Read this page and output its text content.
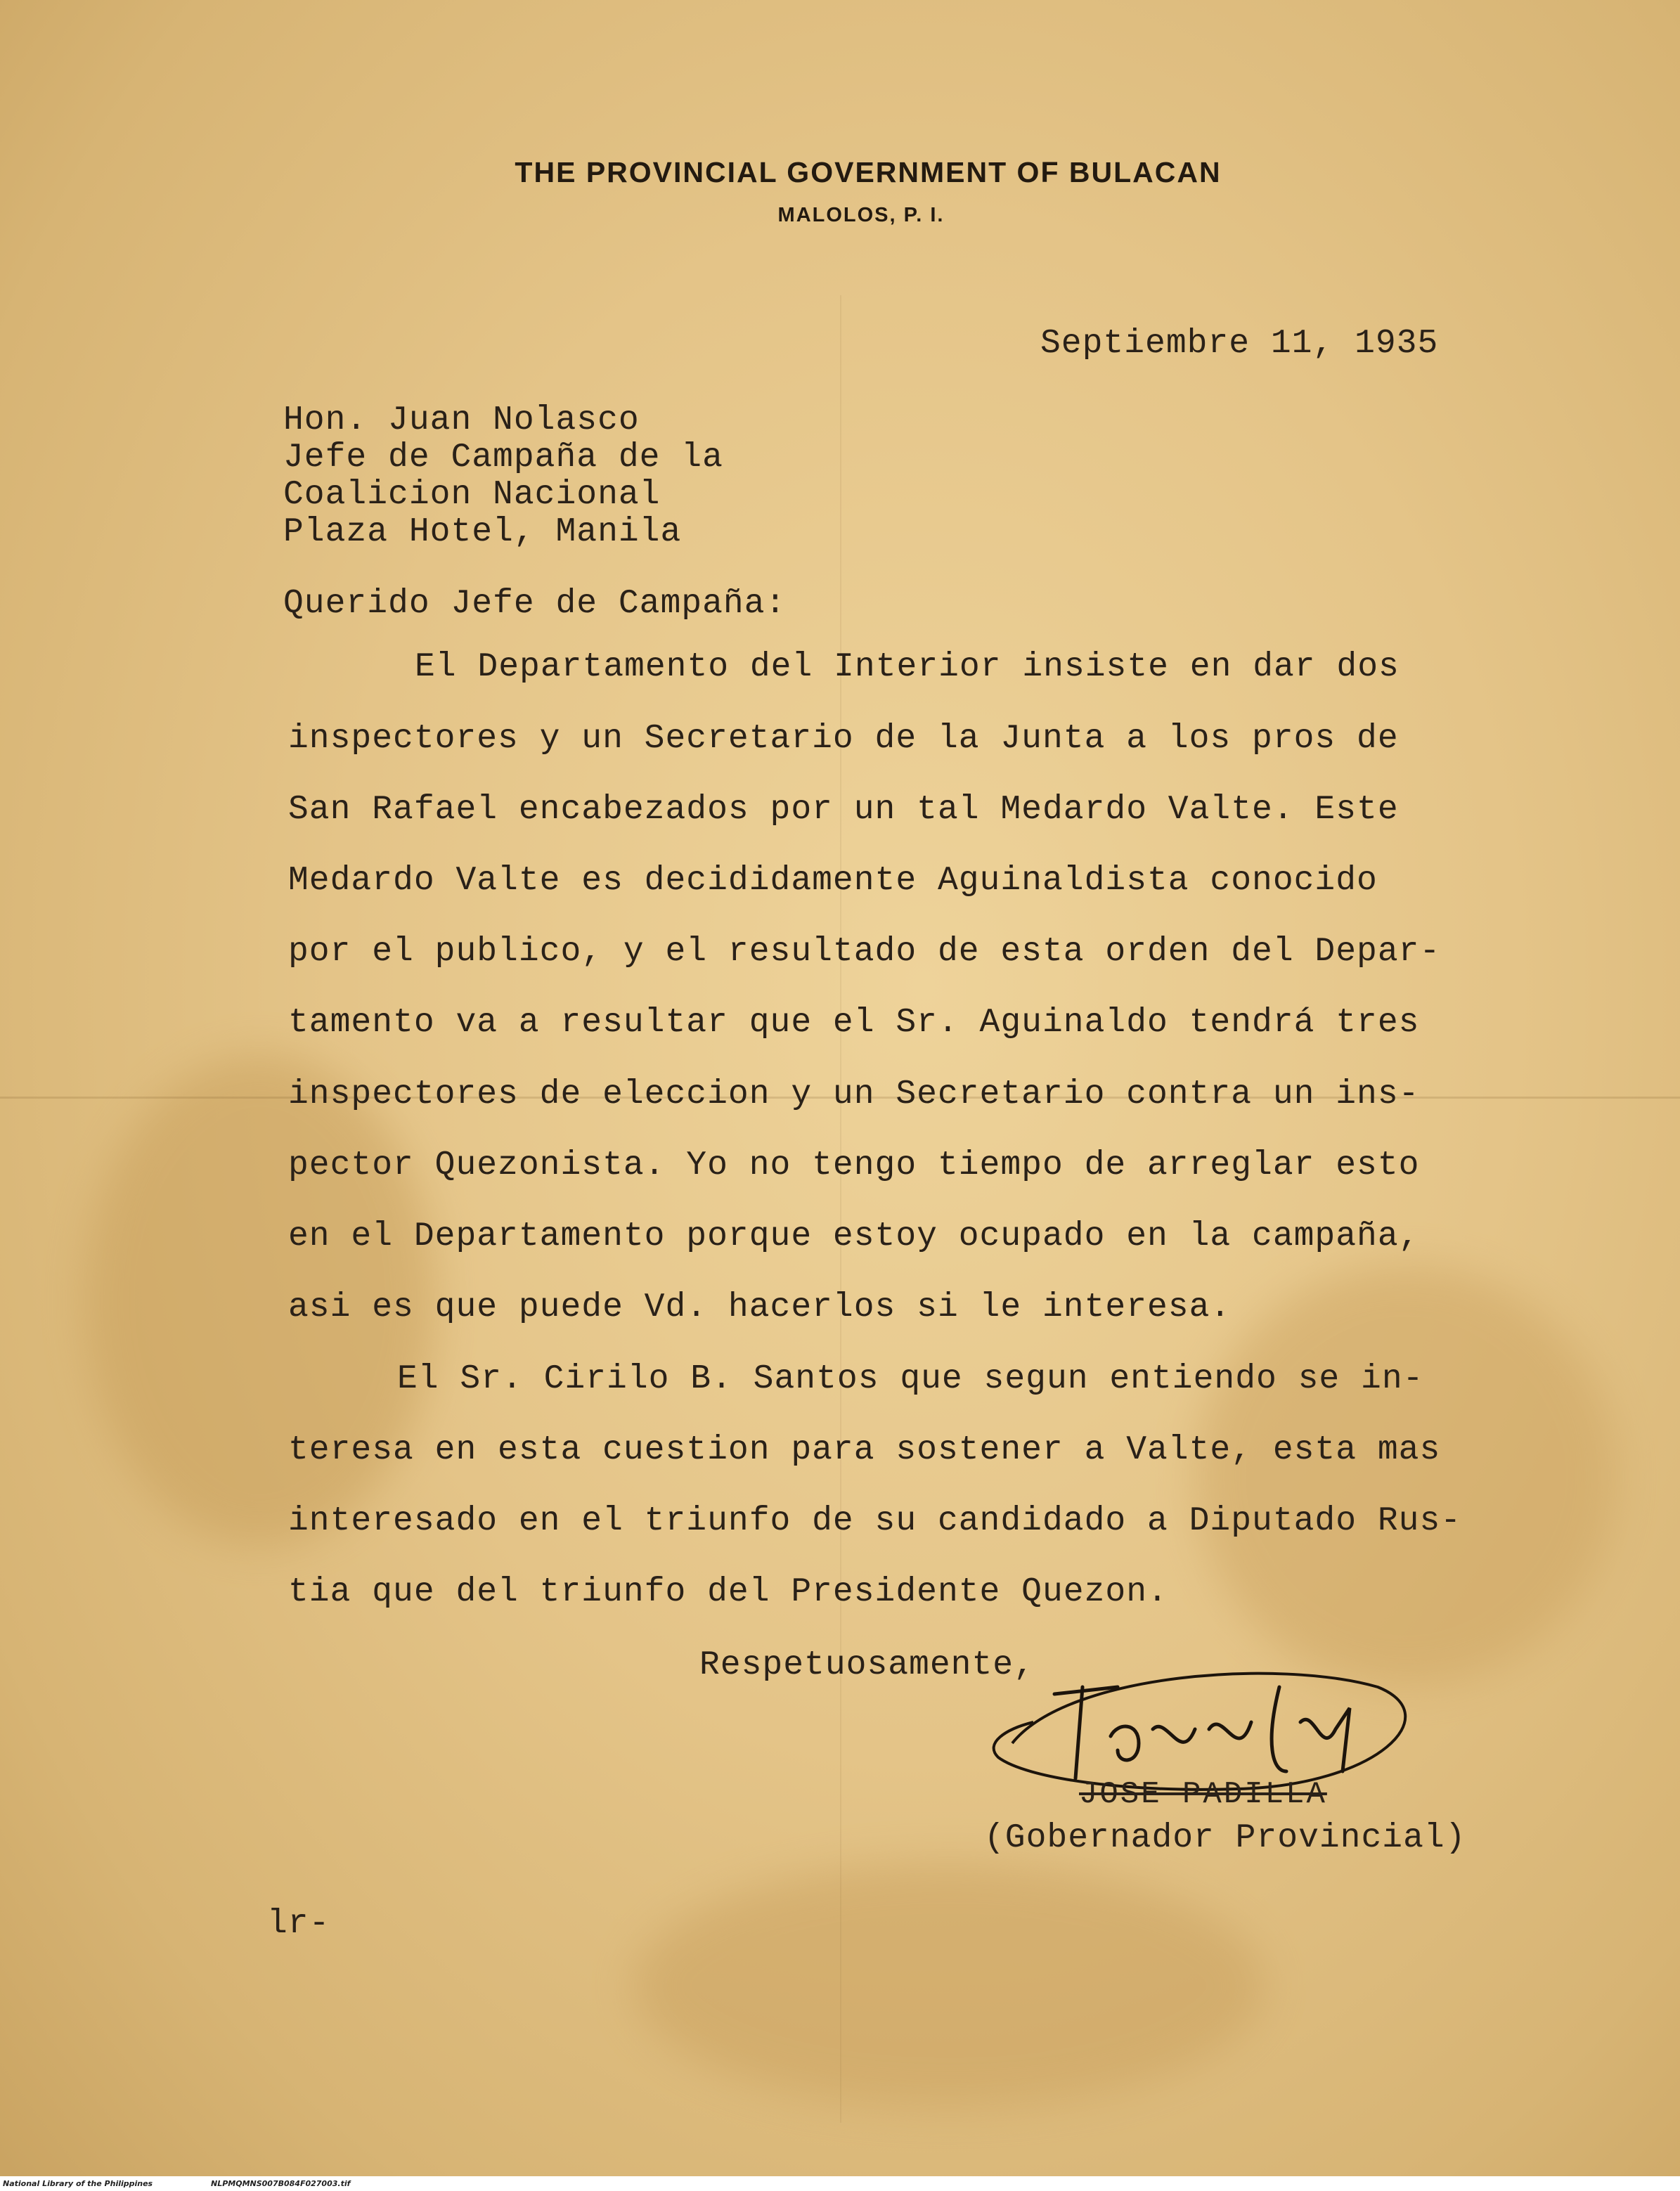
THE PROVINCIAL GOVERNMENT OF BULACAN
MALOLOS, P. I.
Septiembre 11, 1935
Hon. Juan Nolasco
Jefe de Campaña de la
Coalicion Nacional
Plaza Hotel, Manila
Querido Jefe de Campaña:
El Departamento del Interior insiste en dar dos
inspectores y un Secretario de la Junta a los pros de
San Rafael encabezados por un tal Medardo Valte. Este
Medardo Valte es decididamente Aguinaldista conocido
por el publico, y el resultado de esta orden del Depar-
tamento va a resultar que el Sr. Aguinaldo tendrá tres
inspectores de eleccion y un Secretario contra un ins-
pector Quezonista. Yo no tengo tiempo de arreglar esto
en el Departamento porque estoy ocupado en la campaña,
asi es que puede Vd. hacerlos si le interesa.
El Sr. Cirilo B. Santos que segun entiendo se in-
teresa en esta cuestion para sostener a Valte, esta mas
interesado en el triunfo de su candidado a Diputado Rus-
tia que del triunfo del Presidente Quezon.
Respetuosamente,
JOSE PADILLA
(Gobernador Provincial)
lr-
National Library of the Philippines	NLPMQMNS007B084F027003.tif
